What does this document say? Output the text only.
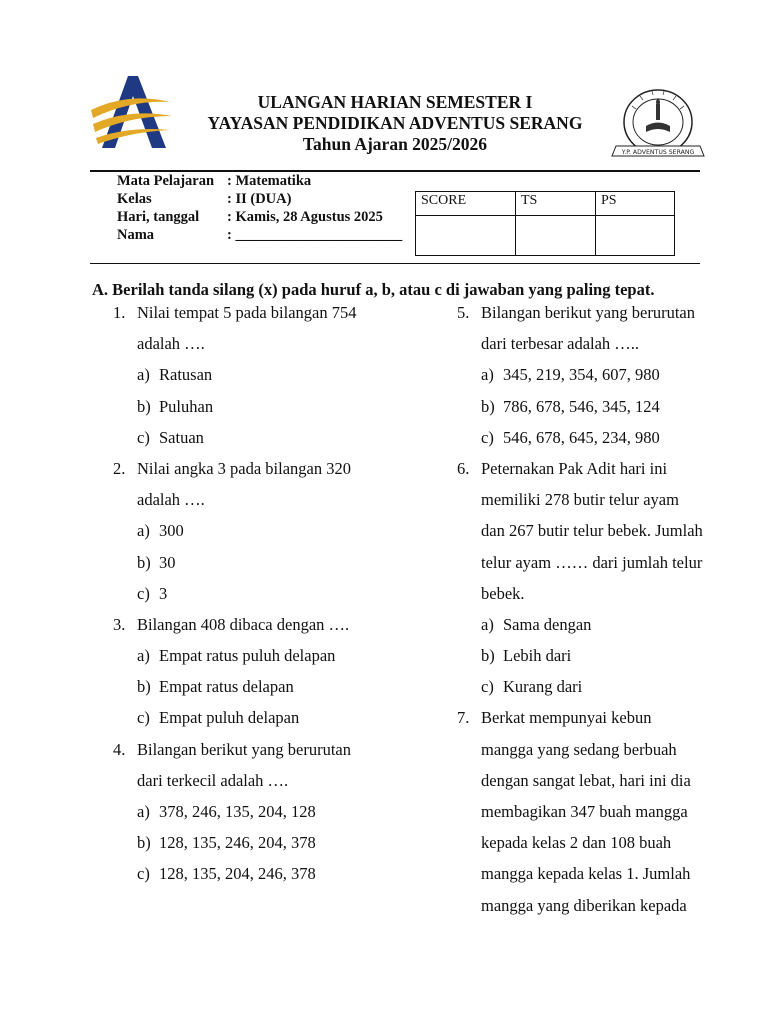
ULANGAN HARIAN SEMESTER I
YAYASAN PENDIDIKAN ADVENTUS SERANG
Tahun Ajaran 2025/2026	Y.P. ADVENTUS SERANG
Mata Pelajaran : Matematika
Kelas	: II (DUA)
Hari, tanggal : Kamis, 28 Agustus 2025
Nama	: _______________________
SCORE	TS	PS

A. Berilah tanda silang (x) pada huruf a, b, atau c di jawaban yang paling tepat.
1. Nilai tempat 5 pada bilangan 754
adalah ….
a) Ratusan
b) Puluhan
c) Satuan
2. Nilai angka 3 pada bilangan 320
adalah ….
a) 300
b) 30
c) 3
3. Bilangan 408 dibaca dengan ….
a) Empat ratus puluh delapan
b) Empat ratus delapan
c) Empat puluh delapan
4. Bilangan berikut yang berurutan
dari terkecil adalah ….
a) 378, 246, 135, 204, 128
b) 128, 135, 246, 204, 378
c) 128, 135, 204, 246, 378
5. Bilangan berikut yang berurutan
dari terbesar adalah …..
a) 345, 219, 354, 607, 980
b) 786, 678, 546, 345, 124
c) 546, 678, 645, 234, 980
6. Peternakan Pak Adit hari ini
memiliki 278 butir telur ayam
dan 267 butir telur bebek. Jumlah
telur ayam …… dari jumlah telur
bebek.
a) Sama dengan
b) Lebih dari
c) Kurang dari
7. Berkat mempunyai kebun
mangga yang sedang berbuah
dengan sangat lebat, hari ini dia
membagikan 347 buah mangga
kepada kelas 2 dan 108 buah
mangga kepada kelas 1. Jumlah
mangga yang diberikan kepada
